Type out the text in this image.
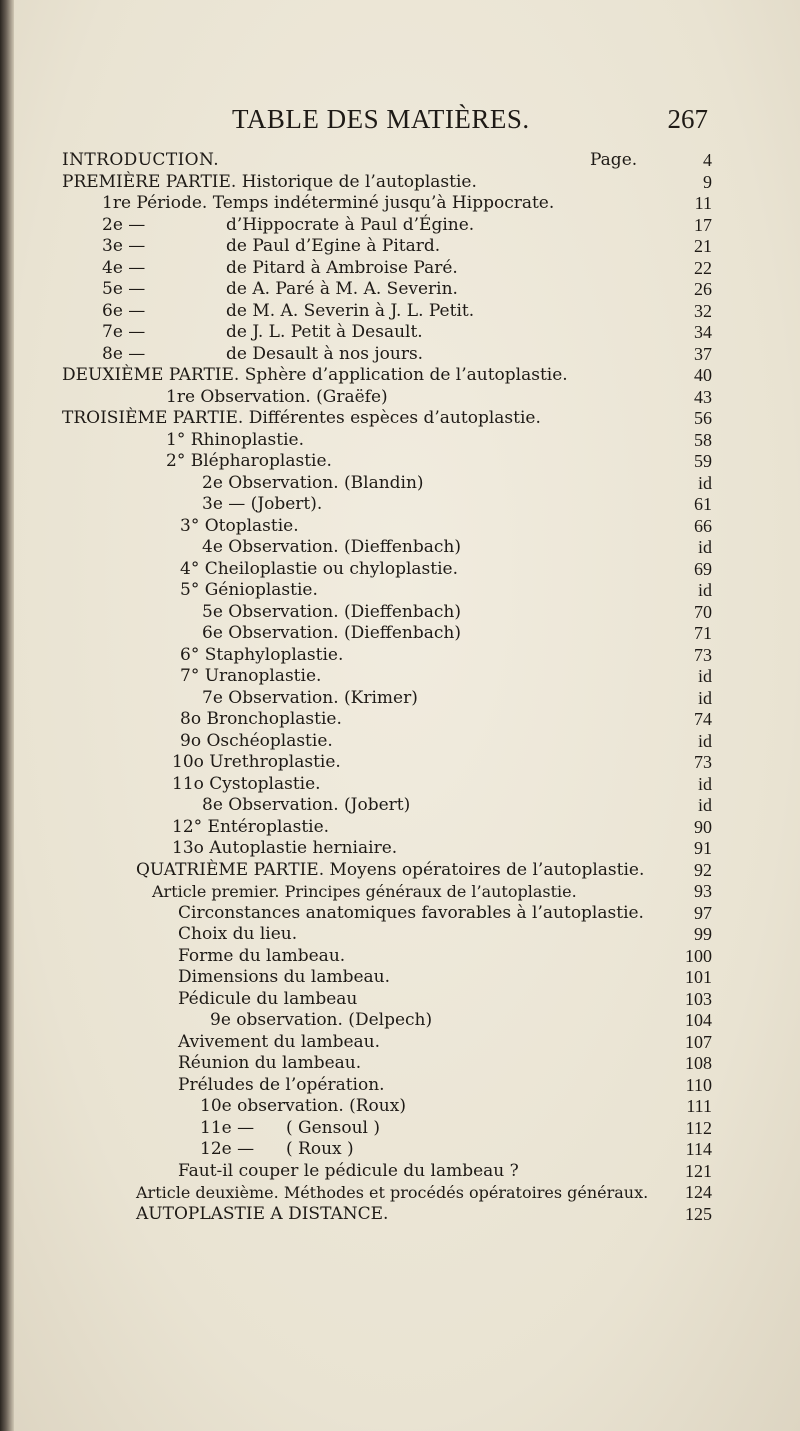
TABLE DES MATIÈRES.	267
INTRODUCTION.	Page.	4
PREMIÈRE PARTIE. Historique de l’autoplastie.	9
1re Période. Temps indéterminé jusqu’à Hippocrate.	11
2e —	d’Hippocrate à Paul d’Égine.	17
3e —	de Paul d’Egine à Pitard.	21
4e —	de Pitard à Ambroise Paré.	22
5e —	de A. Paré à M. A. Severin.	26
6e —	de M. A. Severin à J. L. Petit.	32
7e —	de J. L. Petit à Desault.	34
8e —	de Desault à nos jours.	37
DEUXIÈME PARTIE. Sphère d’application de l’autoplastie.	40
1re Observation. (Graëfe)	43
TROISIÈME PARTIE. Différentes espèces d’autoplastie.	56
1° Rhinoplastie.	58
2° Blépharoplastie.	59
2e Observation. (Blandin)	id
3e — (Jobert).	61
3° Otoplastie.	66
4e Observation. (Dieffenbach)	id
4° Cheiloplastie ou chyloplastie.	69
5° Génioplastie.	id
5e Observation. (Dieffenbach)	70
6e Observation. (Dieffenbach)	71
6° Staphyloplastie.	73
7° Uranoplastie.	id
7e Observation. (Krimer)	id
8o Bronchoplastie.	74
9o Oschéoplastie.	id
10o Urethroplastie.	73
11o Cystoplastie.	id
8e Observation. (Jobert)	id
12° Entéroplastie.	90
13o Autoplastie herniaire.	91
QUATRIÈME PARTIE. Moyens opératoires de l’autoplastie.	92
Article premier. Principes généraux de l’autoplastie.	93
Circonstances anatomiques favorables à l’autoplastie.	97
Choix du lieu.	99
Forme du lambeau.	100
Dimensions du lambeau.	101
Pédicule du lambeau	103
9e observation. (Delpech)	104
Avivement du lambeau.	107
Réunion du lambeau.	108
Préludes de l’opération.	110
10e observation. (Roux)	111
11e — ( Gensoul )	112
12e — ( Roux )	114
Faut-il couper le pédicule du lambeau ?	121
Article deuxième. Méthodes et procédés opératoires généraux. 124
AUTOPLASTIE A DISTANCE.	125
